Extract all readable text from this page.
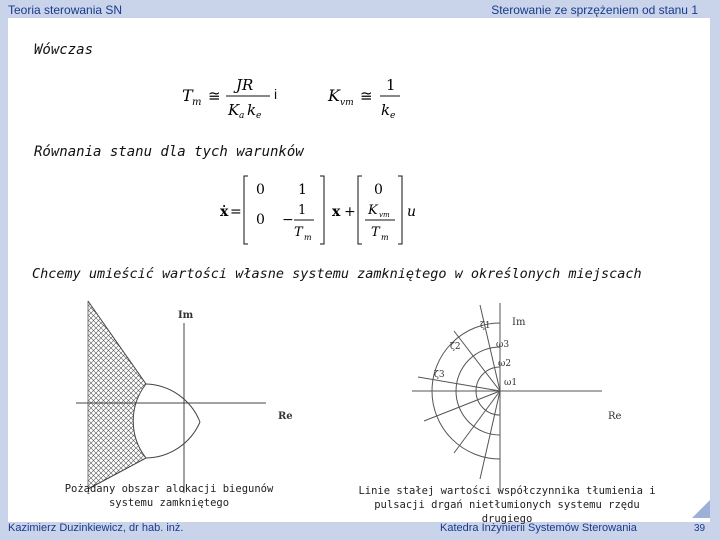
Teoria sterowania SN	Sterowanie ze sprzężeniem od stanu 1
Wówczas
T m ≅
JR
K a k e
i	K vm ≅
1
k e
Równania stanu dla tych warunków
ẋ =
0 1
0 −
1
T m
x +
0
K vm
T m
u
Chcemy umieścić wartości własne systemu zamkniętego w określonych miejscach
Im
Re
Pożądany obszar alokacji biegunów systemu zamkniętego
Im
Re
ζ1
ζ2
ζ3
ω3
ω2
ω1
Linie stałej wartości współczynnika tłumienia i pulsacji drgań nietłumionych systemu rzędu drugiego
Kazimierz Duzinkiewicz, dr hab. inż.	Katedra Inżynierii Systemów Sterowania	39
